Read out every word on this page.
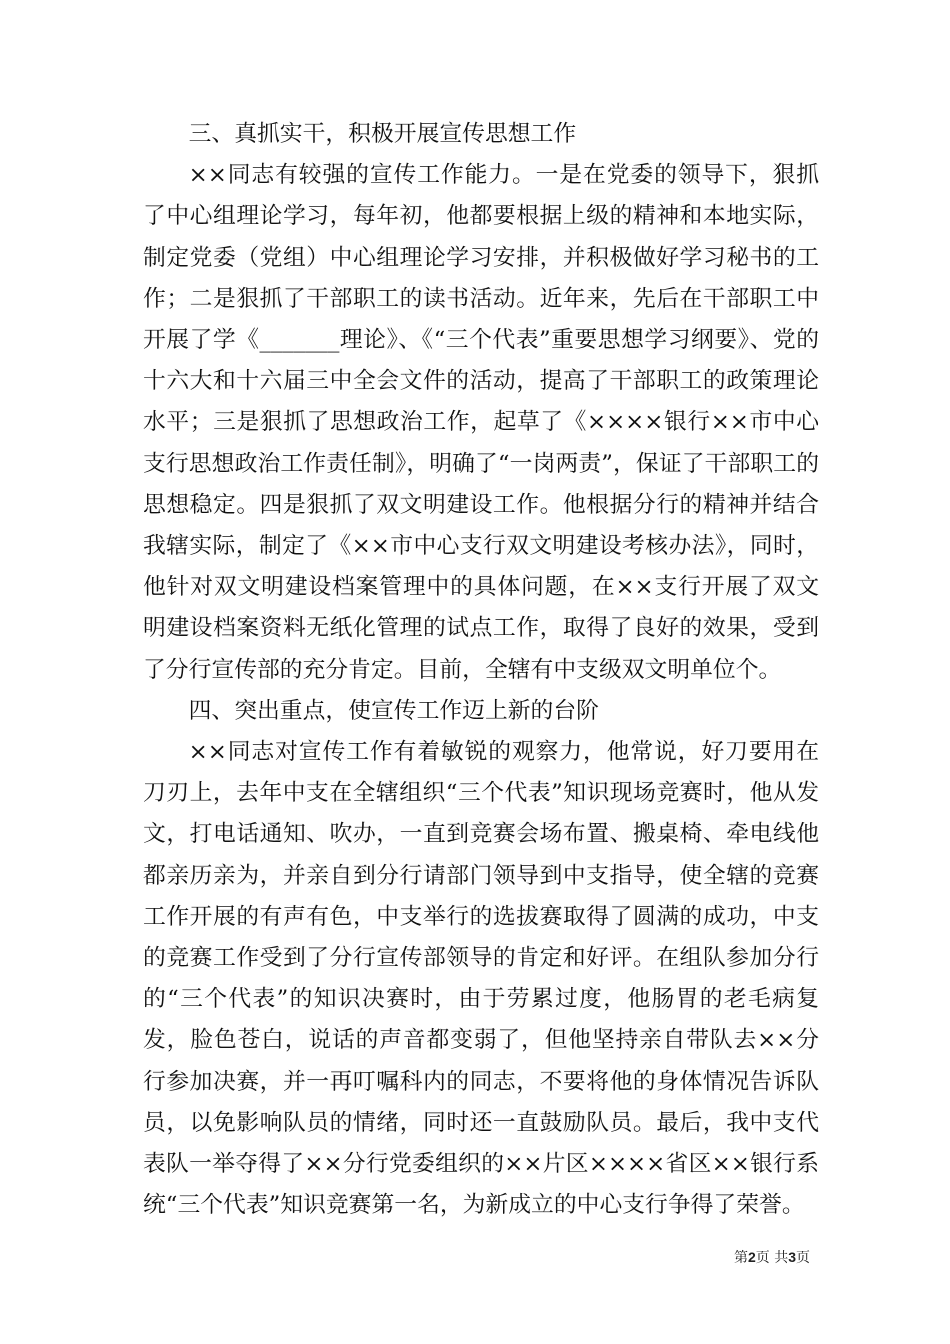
三、真抓实干，积极开展宣传思想工作

××同志有较强的宣传工作能力。一是在党委的领导下，狠抓了中心组理论学习，每年初，他都要根据上级的精神和本地实际，制定党委（党组）中心组理论学习安排，并积极做好学习秘书的工作；二是狠抓了干部职工的读书活动。近年来，先后在干部职工中开展了学《_______理论》、《“三个代表”重要思想学习纲要》、党的十六大和十六届三中全会文件的活动，提高了干部职工的政策理论水平；三是狠抓了思想政治工作，起草了《××××银行××市中心支行思想政治工作责任制》，明确了“一岗两责”，保证了干部职工的思想稳定。四是狠抓了双文明建设工作。他根据分行的精神并结合我辖实际，制定了《××市中心支行双文明建设考核办法》，同时，他针对双文明建设档案管理中的具体问题，在××支行开展了双文明建设档案资料无纸化管理的试点工作，取得了良好的效果，受到了分行宣传部的充分肯定。目前，全辖有中支级双文明单位个。

四、突出重点，使宣传工作迈上新的台阶

××同志对宣传工作有着敏锐的观察力，他常说，好刀要用在刀刃上，去年中支在全辖组织“三个代表”知识现场竞赛时，他从发文，打电话通知、吹办，一直到竞赛会场布置、搬桌椅、牵电线他都亲历亲为，并亲自到分行请部门领导到中支指导，使全辖的竞赛工作开展的有声有色，中支举行的选拔赛取得了圆满的成功，中支的竞赛工作受到了分行宣传部领导的肯定和好评。在组队参加分行的“三个代表”的知识决赛时，由于劳累过度，他肠胃的老毛病复发，脸色苍白，说话的声音都变弱了，但他坚持亲自带队去××分行参加决赛，并一再叮嘱科内的同志，不要将他的身体情况告诉队员，以免影响队员的情绪，同时还一直鼓励队员。最后，我中支代表队一举夺得了××分行党委组织的××片区××××省区××银行系统“三个代表”知识竞赛第一名，为新成立的中心支行争得了荣誉。

第2页 共3页
